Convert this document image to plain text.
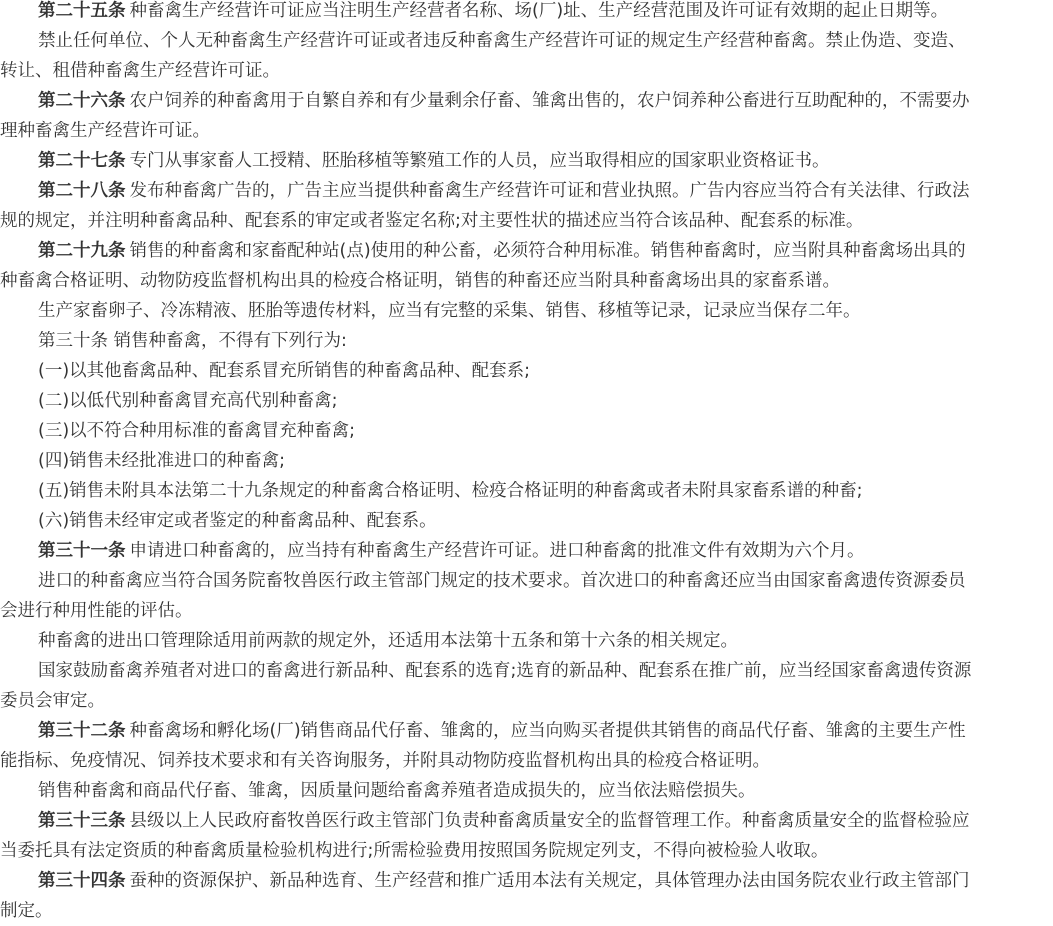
第二十五条 种畜禽生产经营许可证应当注明生产经营者名称、场(厂)址、生产经营范围及许可证有效期的起止日期等。
禁止任何单位、个人无种畜禽生产经营许可证或者违反种畜禽生产经营许可证的规定生产经营种畜禽。禁止伪造、变造、
转让、租借种畜禽生产经营许可证。
第二十六条 农户饲养的种畜禽用于自繁自养和有少量剩余仔畜、雏禽出售的，农户饲养种公畜进行互助配种的，不需要办
理种畜禽生产经营许可证。
第二十七条 专门从事家畜人工授精、胚胎移植等繁殖工作的人员，应当取得相应的国家职业资格证书。
第二十八条 发布种畜禽广告的，广告主应当提供种畜禽生产经营许可证和营业执照。广告内容应当符合有关法律、行政法
规的规定，并注明种畜禽品种、配套系的审定或者鉴定名称;对主要性状的描述应当符合该品种、配套系的标准。
第二十九条 销售的种畜禽和家畜配种站(点)使用的种公畜，必须符合种用标准。销售种畜禽时，应当附具种畜禽场出具的
种畜禽合格证明、动物防疫监督机构出具的检疫合格证明，销售的种畜还应当附具种畜禽场出具的家畜系谱。
生产家畜卵子、冷冻精液、胚胎等遗传材料，应当有完整的采集、销售、移植等记录，记录应当保存二年。
第三十条 销售种畜禽，不得有下列行为:
(一)以其他畜禽品种、配套系冒充所销售的种畜禽品种、配套系;
(二)以低代别种畜禽冒充高代别种畜禽;
(三)以不符合种用标准的畜禽冒充种畜禽;
(四)销售未经批准进口的种畜禽;
(五)销售未附具本法第二十九条规定的种畜禽合格证明、检疫合格证明的种畜禽或者未附具家畜系谱的种畜;
(六)销售未经审定或者鉴定的种畜禽品种、配套系。
第三十一条 申请进口种畜禽的，应当持有种畜禽生产经营许可证。进口种畜禽的批准文件有效期为六个月。
进口的种畜禽应当符合国务院畜牧兽医行政主管部门规定的技术要求。首次进口的种畜禽还应当由国家畜禽遗传资源委员
会进行种用性能的评估。
种畜禽的进出口管理除适用前两款的规定外，还适用本法第十五条和第十六条的相关规定。
国家鼓励畜禽养殖者对进口的畜禽进行新品种、配套系的选育;选育的新品种、配套系在推广前，应当经国家畜禽遗传资源
委员会审定。
第三十二条 种畜禽场和孵化场(厂)销售商品代仔畜、雏禽的，应当向购买者提供其销售的商品代仔畜、雏禽的主要生产性
能指标、免疫情况、饲养技术要求和有关咨询服务，并附具动物防疫监督机构出具的检疫合格证明。
销售种畜禽和商品代仔畜、雏禽，因质量问题给畜禽养殖者造成损失的，应当依法赔偿损失。
第三十三条 县级以上人民政府畜牧兽医行政主管部门负责种畜禽质量安全的监督管理工作。种畜禽质量安全的监督检验应
当委托具有法定资质的种畜禽质量检验机构进行;所需检验费用按照国务院规定列支，不得向被检验人收取。
第三十四条 蚕种的资源保护、新品种选育、生产经营和推广适用本法有关规定，具体管理办法由国务院农业行政主管部门
制定。
